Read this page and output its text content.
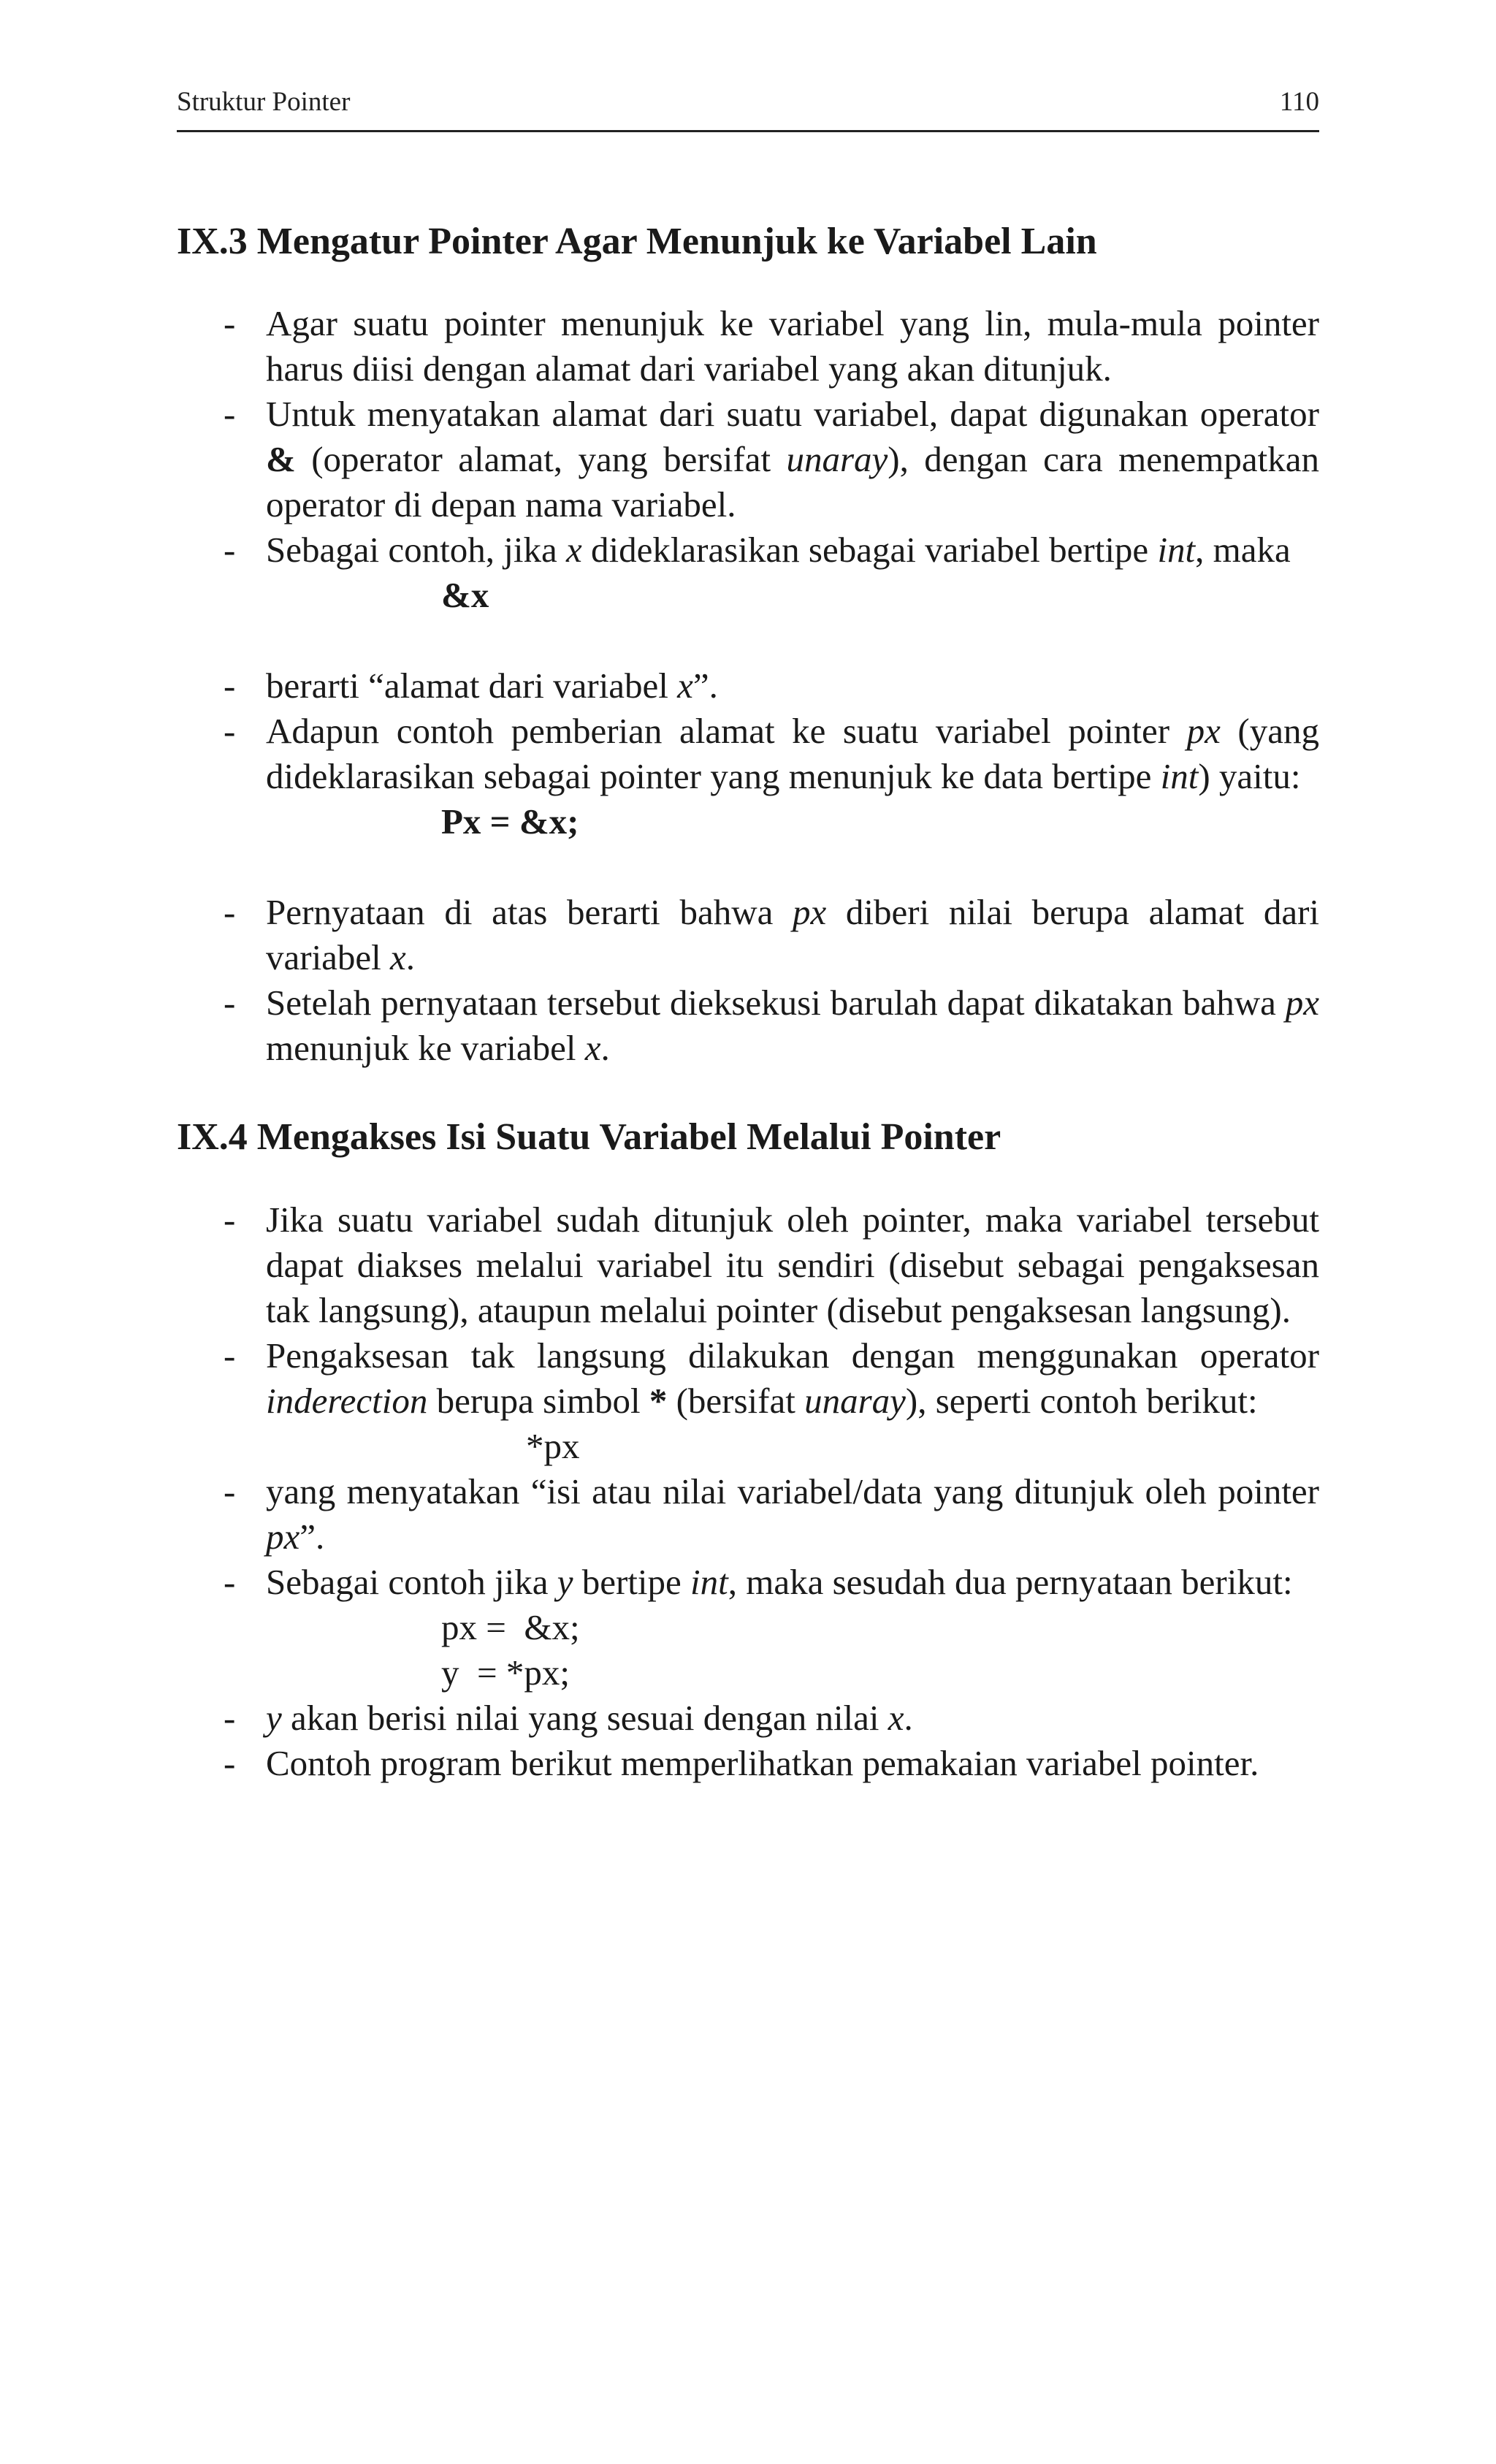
Struktur Pointer	110
IX.3 Mengatur Pointer Agar Menunjuk ke Variabel Lain
- Agar suatu pointer menunjuk ke variabel yang lin, mula-mula pointer harus diisi dengan alamat dari variabel yang akan ditunjuk.
- Untuk menyatakan alamat dari suatu variabel, dapat digunakan operator & (operator alamat, yang bersifat unaray), dengan cara menempatkan operator di depan nama variabel.
- Sebagai contoh, jika x dideklarasikan sebagai variabel bertipe int, maka
&x
- berarti “alamat dari variabel x”.
- Adapun contoh pemberian alamat ke suatu variabel pointer px (yang dideklarasikan sebagai pointer yang menunjuk ke data bertipe int) yaitu:
Px = &x;
- Pernyataan di atas berarti bahwa px diberi nilai berupa alamat dari variabel x.
- Setelah pernyataan tersebut dieksekusi barulah dapat dikatakan bahwa px menunjuk ke variabel x.
IX.4 Mengakses Isi Suatu Variabel Melalui Pointer
- Jika suatu variabel sudah ditunjuk oleh pointer, maka variabel tersebut dapat diakses melalui variabel itu sendiri (disebut sebagai pengaksesan tak langsung), ataupun melalui pointer (disebut pengaksesan langsung).
- Pengaksesan tak langsung dilakukan dengan menggunakan operator inderection berupa simbol * (bersifat unaray), seperti contoh berikut:
*px
- yang menyatakan “isi atau nilai variabel/data yang ditunjuk oleh pointer px”.
- Sebagai contoh jika y bertipe int, maka sesudah dua pernyataan berikut:
px =  &x;
y  = *px;
- y akan berisi nilai yang sesuai dengan nilai x.
- Contoh program berikut memperlihatkan pemakaian variabel pointer.
